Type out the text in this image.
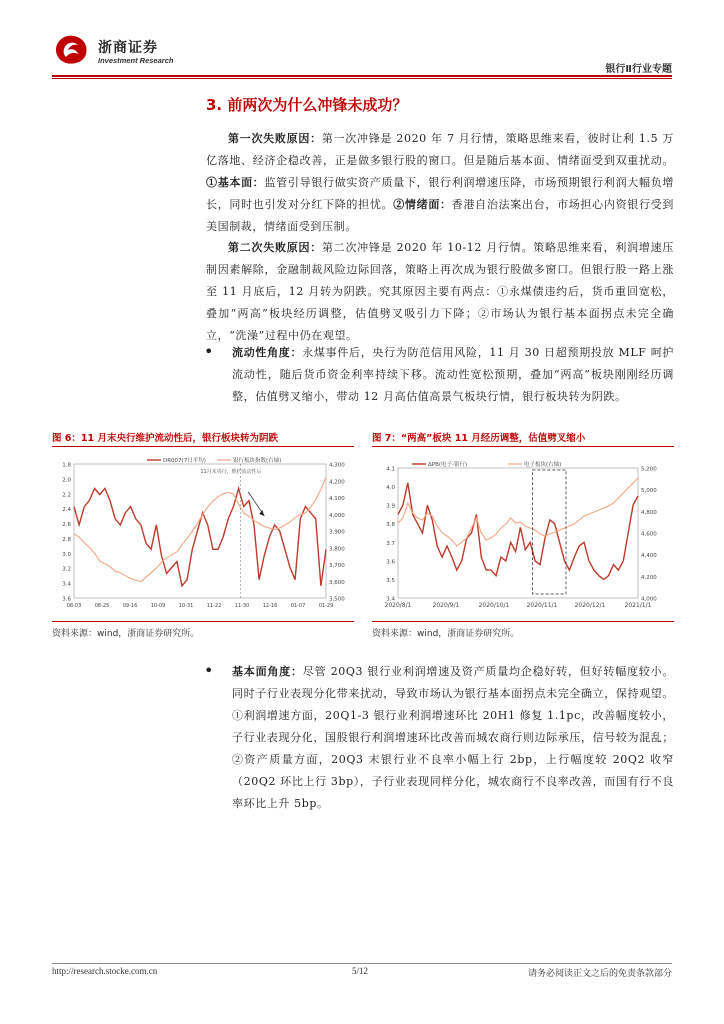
浙商证券
Investment Research
银行Ⅱ行业专题
3. 前两次为什么冲锋未成功？
第一次失败原因：第一次冲锋是 2020 年 7 月行情，策略思维来看，彼时让利 1.5 万亿落地、经济企稳改善，正是做多银行股的窗口。但是随后基本面、情绪面受到双重扰动。①基本面：监管引导银行做实资产质量下，银行利润增速压降，市场预期银行利润大幅负增长，同时也引发对分红下降的担忧。②情绪面：香港自治法案出台，市场担心内资银行受到美国制裁，情绪面受到压制。
第二次失败原因：第二次冲锋是 2020 年 10-12 月行情。策略思维来看，利润增速压制因素解除，金融制裁风险边际回落，策略上再次成为银行股做多窗口。但银行股一路上涨至 11 月底后，12 月转为阴跌。究其原因主要有两点：①永煤债违约后，货币重回宽松，叠加“两高”板块经历调整，估值劈叉吸引力下降；②市场认为银行基本面拐点未完全确立，“洗澡”过程中仍在观望。
• 流动性角度：永煤事件后，央行为防范信用风险，11 月 30 日超预期投放 MLF 呵护流动性，随后货币资金利率持续下移。流动性宽松预期，叠加“两高”板块刚刚经历调整，估值劈叉缩小，带动 12 月高估值高景气板块行情，银行板块转为阴跌。
图 6：11 月末央行维护流动性后，银行板块转为阴跌
1.8
2.0
2.2
2.4
2.6
2.8
3.0
3.2
3.4
3.6
4,300
4,200
4,100
4,000
3,900
3,800
3,700
3,600
3,500
08-03	08-25	09-16	10-09	10-31	11-22	11-30	12-16	01-07	01-29
DR007(7日平均)	银行板块指数(右轴)
11月末央行，维护流动性后
资料来源：wind，浙商证券研究所。
图 7：“两高”板块 11 月经历调整，估值劈叉缩小
4.1
4.0
3.9
3.8
3.7
3.6
3.5
3.4
5,200
5,000
4,800
4,600
4,400
4,200
4,000
2020/8/1	2020/9/1	2020/10/1	2020/11/1	2020/12/1	2021/1/1
ΔPB(电子-银行)	电子板块(右轴)
资料来源：wind，浙商证券研究所。
• 基本面角度：尽管 20Q3 银行业利润增速及资产质量均企稳好转，但好转幅度较小。同时子行业表现分化带来扰动，导致市场认为银行基本面拐点未完全确立，保持观望。①利润增速方面，20Q1-3 银行业利润增速环比 20H1 修复 1.1pc，改善幅度较小，子行业表现分化，国股银行利润增速环比改善而城农商行则边际承压，信号较为混乱；②资产质量方面，20Q3 末银行业不良率小幅上行 2bp，上行幅度较 20Q2 收窄（20Q2 环比上行 3bp），子行业表现同样分化，城农商行不良率改善，而国有行不良率环比上升 5bp。
http://research.stocke.com.cn	5/12	请务必阅读正文之后的免责条款部分
